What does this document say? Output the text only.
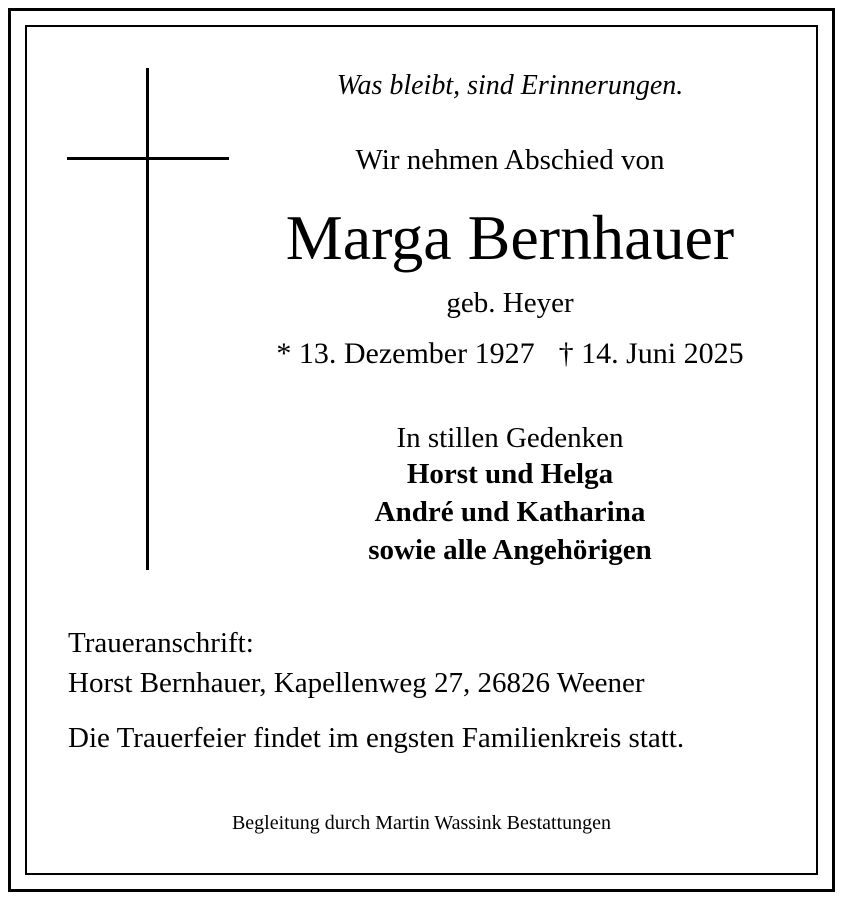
Was bleibt, sind Erinnerungen.
Wir nehmen Abschied von
Marga Bernhauer
geb. Heyer
* 13. Dezember 1927 † 14. Juni 2025
In stillen Gedenken
Horst und Helga
André und Katharina
sowie alle Angehörigen
Traueranschrift:
Horst Bernhauer, Kapellenweg 27, 26826 Weener
Die Trauerfeier findet im engsten Familienkreis statt.
Begleitung durch Martin Wassink Bestattungen
